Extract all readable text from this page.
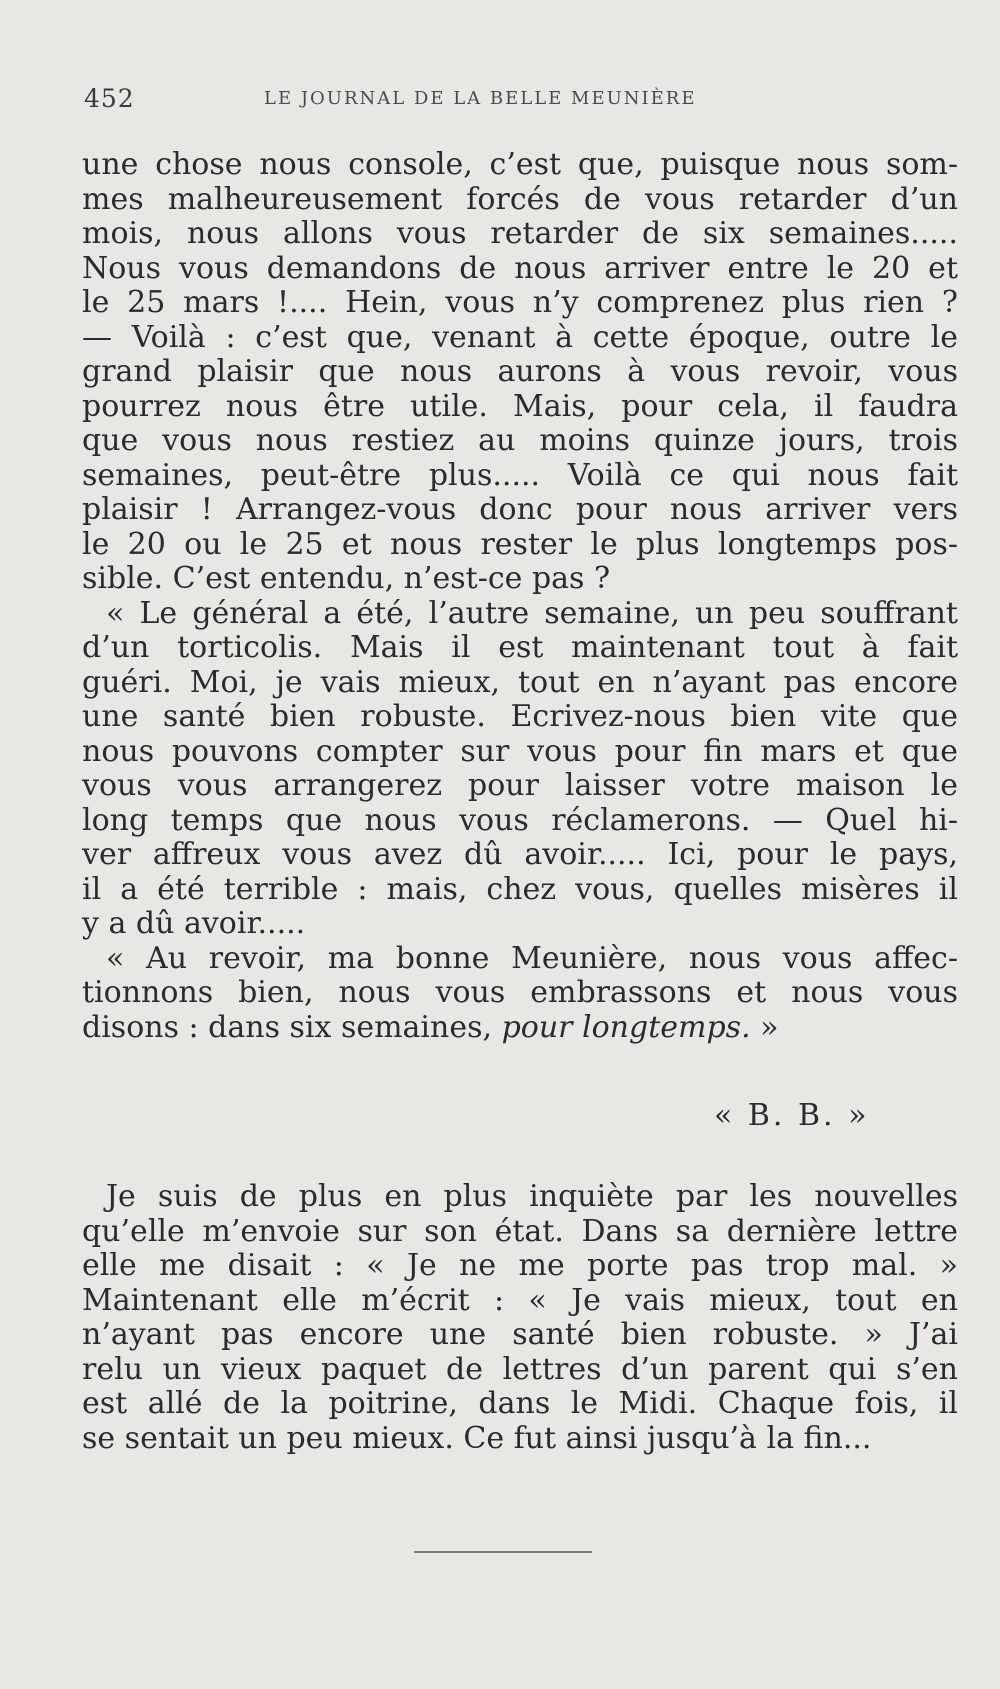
452	LE JOURNAL DE LA BELLE MEUNIÈRE
une chose nous console, c’est que, puisque nous som-
mes malheureusement forcés de vous retarder d’un
mois, nous allons vous retarder de six semaines.....
Nous vous demandons de nous arriver entre le 20 et
le 25 mars !.... Hein, vous n’y comprenez plus rien ?
— Voilà : c’est que, venant à cette époque, outre le
grand plaisir que nous aurons à vous revoir, vous
pourrez nous être utile. Mais, pour cela, il faudra
que vous nous restiez au moins quinze jours, trois
semaines, peut-être plus..... Voilà ce qui nous fait
plaisir ! Arrangez-vous donc pour nous arriver vers
le 20 ou le 25 et nous rester le plus longtemps pos-
sible. C’est entendu, n’est-ce pas ?
« Le général a été, l’autre semaine, un peu souffrant
d’un torticolis. Mais il est maintenant tout à fait
guéri. Moi, je vais mieux, tout en n’ayant pas encore
une santé bien robuste. Ecrivez-nous bien vite que
nous pouvons compter sur vous pour fin mars et que
vous vous arrangerez pour laisser votre maison le
long temps que nous vous réclamerons. — Quel hi-
ver affreux vous avez dû avoir..... Ici, pour le pays,
il a été terrible : mais, chez vous, quelles misères il
y a dû avoir.....
« Au revoir, ma bonne Meunière, nous vous affec-
tionnons bien, nous vous embrassons et nous vous
disons : dans six semaines, pour longtemps. »
« B. B. »
Je suis de plus en plus inquiète par les nouvelles
qu’elle m’envoie sur son état. Dans sa dernière lettre
elle me disait : « Je ne me porte pas trop mal. »
Maintenant elle m’écrit : « Je vais mieux, tout en
n’ayant pas encore une santé bien robuste. » J’ai
relu un vieux paquet de lettres d’un parent qui s’en
est allé de la poitrine, dans le Midi. Chaque fois, il
se sentait un peu mieux. Ce fut ainsi jusqu’à la fin...
